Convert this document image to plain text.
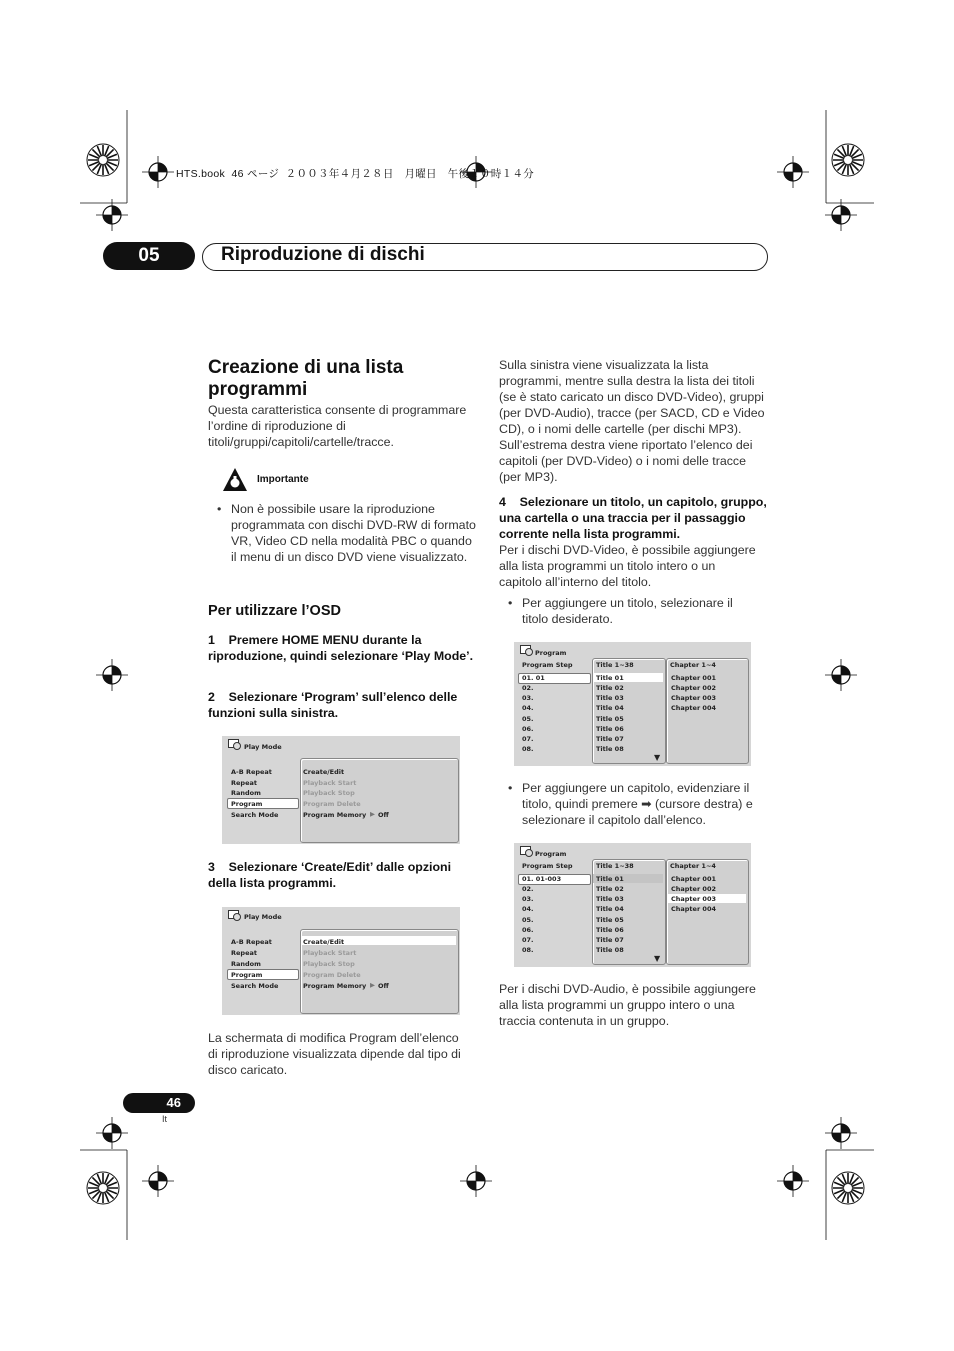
HTS.book  46 ページ  ２００３年４月２８日　月曜日　午後１０時１４分
05	Riproduzione di dischi
Creazione di una lista programmi
Questa caratteristica consente di programmare l’ordine di riproduzione di titoli/gruppi/capitoli/cartelle/tracce.
Importante
• Non è possibile usare la riproduzione programmata con dischi DVD-RW di formato VR, Video CD nella modalità PBC o quando il menu di un disco DVD viene visualizzato.
Per utilizzare l’OSD
1    Premere HOME MENU durante la riproduzione, quindi selezionare ‘Play Mode’.
2    Selezionare ‘Program’ sull’elenco delle funzioni sulla sinistra.
Play Mode
A-B Repeat
Repeat
Random
Program
Search Mode
Create/Edit
Playback Start
Playback Stop
Program Delete
Program Memory ▶ Off
3    Selezionare ‘Create/Edit’ dalle opzioni della lista programmi.
Play Mode
A-B Repeat
Repeat
Random
Program
Search Mode
Create/Edit
Playback Start
Playback Stop
Program Delete
Program Memory ▶ Off
La schermata di modifica Program dell’elenco di riproduzione visualizzata dipende dal tipo di disco caricato.
Sulla sinistra viene visualizzata la lista programmi, mentre sulla destra la lista dei titoli (se è stato caricato un disco DVD-Video), gruppi (per DVD-Audio), tracce (per SACD, CD e Video CD), o i nomi delle cartelle (per dischi MP3). Sull’estrema destra viene riportato l’elenco dei capitoli (per DVD-Video) o i nomi delle tracce (per MP3).
4    Selezionare un titolo, un capitolo, gruppo, una cartella o una traccia per il passaggio corrente nella lista programmi.
Per i dischi DVD-Video, è possibile aggiungere alla lista programmi un titolo intero o un capitolo all’interno del titolo.
• Per aggiungere un titolo, selezionare il titolo desiderato.
Program
Program Step
01. 01
02.
03.
04.
05.
06.
07.
08.
Title 1~38
Title 01
Title 02
Title 03
Title 04
Title 05
Title 06
Title 07
Title 08
▼
Chapter 1~4
Chapter 001
Chapter 002
Chapter 003
Chapter 004
• Per aggiungere un capitolo, evidenziare il titolo, quindi premere ➡ (cursore destra) e selezionare il capitolo dall’elenco.
Program
Program Step
01. 01-003
02.
03.
04.
05.
06.
07.
08.
Title 1~38
Title 01
Title 02
Title 03
Title 04
Title 05
Title 06
Title 07
Title 08
▼
Chapter 1~4
Chapter 001
Chapter 002
Chapter 003
Chapter 004
Per i dischi DVD-Audio, è possibile aggiungere alla lista programmi un gruppo intero o una traccia contenuta in un gruppo.
46
It
